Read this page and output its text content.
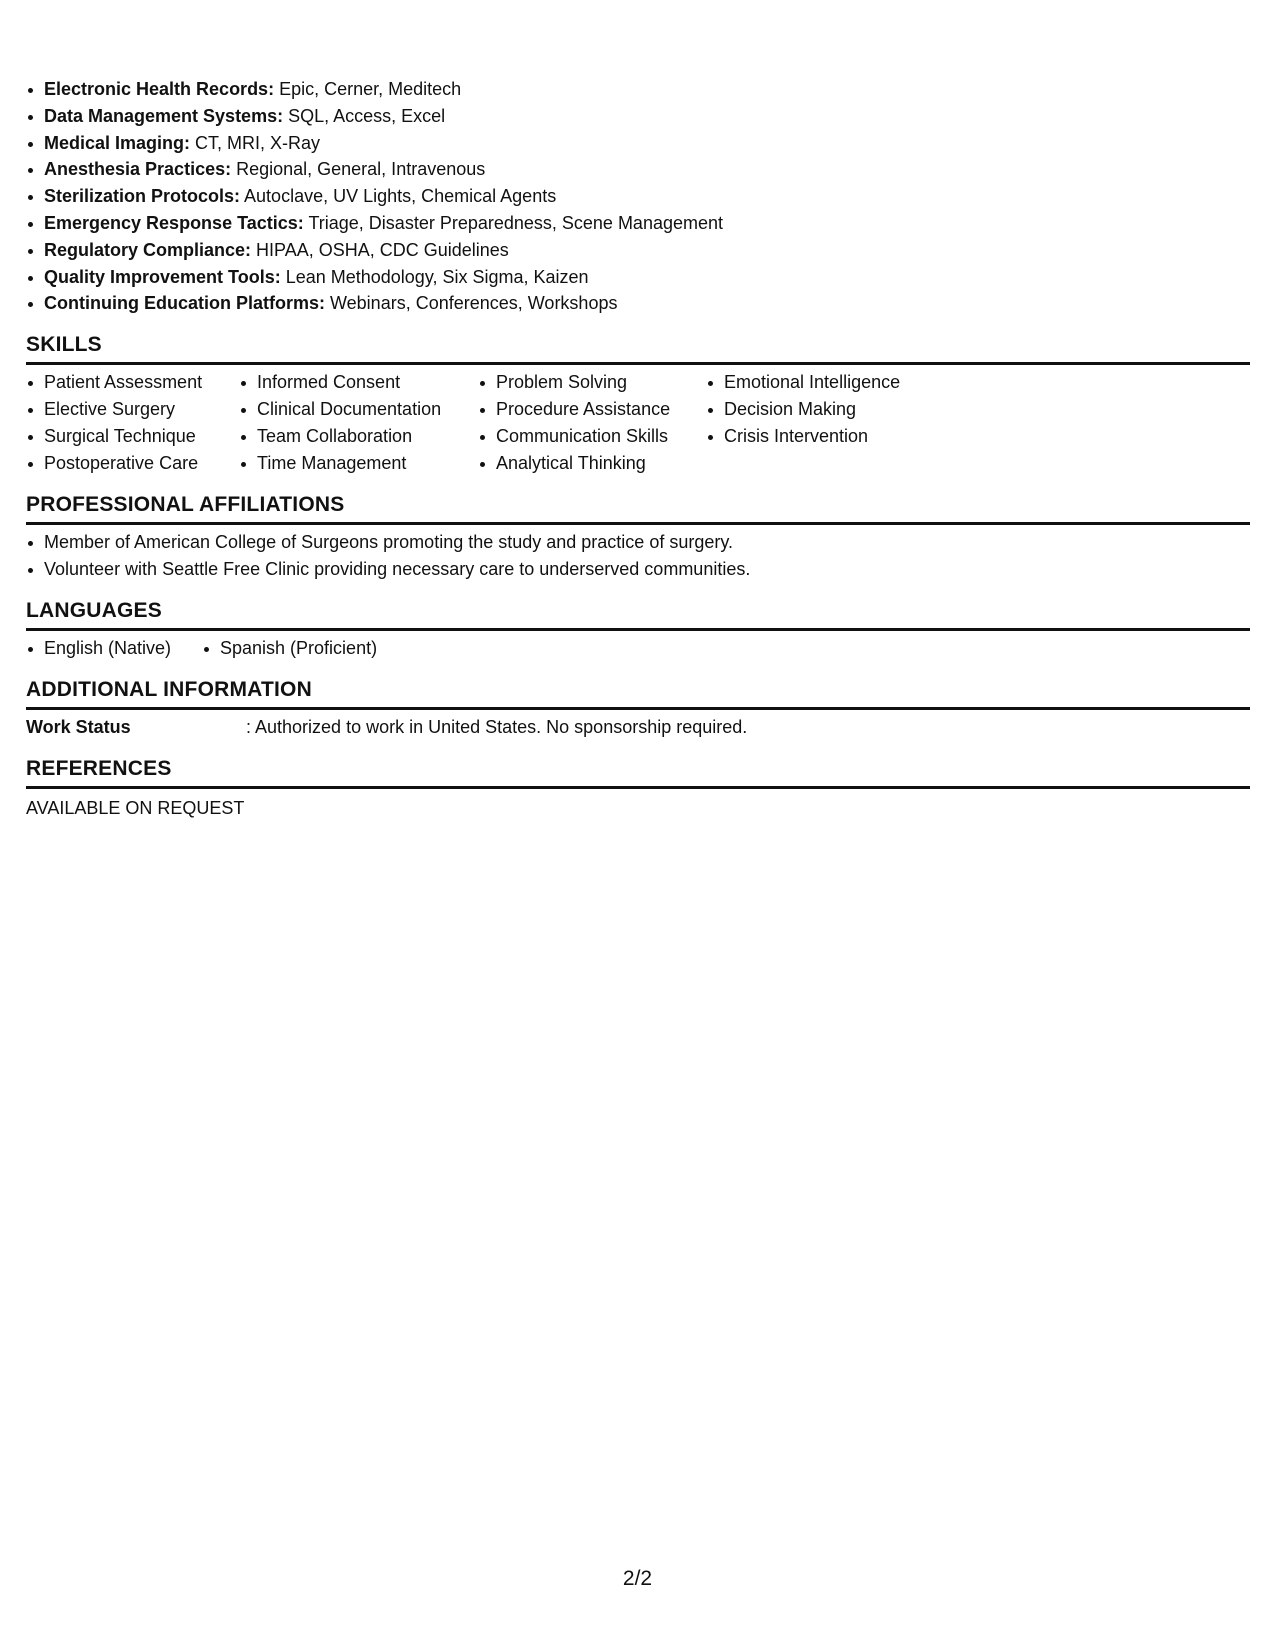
Electronic Health Records: Epic, Cerner, Meditech
Data Management Systems: SQL, Access, Excel
Medical Imaging: CT, MRI, X-Ray
Anesthesia Practices: Regional, General, Intravenous
Sterilization Protocols: Autoclave, UV Lights, Chemical Agents
Emergency Response Tactics: Triage, Disaster Preparedness, Scene Management
Regulatory Compliance: HIPAA, OSHA, CDC Guidelines
Quality Improvement Tools: Lean Methodology, Six Sigma, Kaizen
Continuing Education Platforms: Webinars, Conferences, Workshops
SKILLS
Patient Assessment
Elective Surgery
Surgical Technique
Postoperative Care
Informed Consent
Clinical Documentation
Team Collaboration
Time Management
Problem Solving
Procedure Assistance
Communication Skills
Analytical Thinking
Emotional Intelligence
Decision Making
Crisis Intervention
PROFESSIONAL AFFILIATIONS
Member of American College of Surgeons promoting the study and practice of surgery.
Volunteer with Seattle Free Clinic providing necessary care to underserved communities.
LANGUAGES
English (Native)	Spanish (Proficient)
ADDITIONAL INFORMATION
Work Status	: Authorized to work in United States. No sponsorship required.
REFERENCES
AVAILABLE ON REQUEST
2/2
